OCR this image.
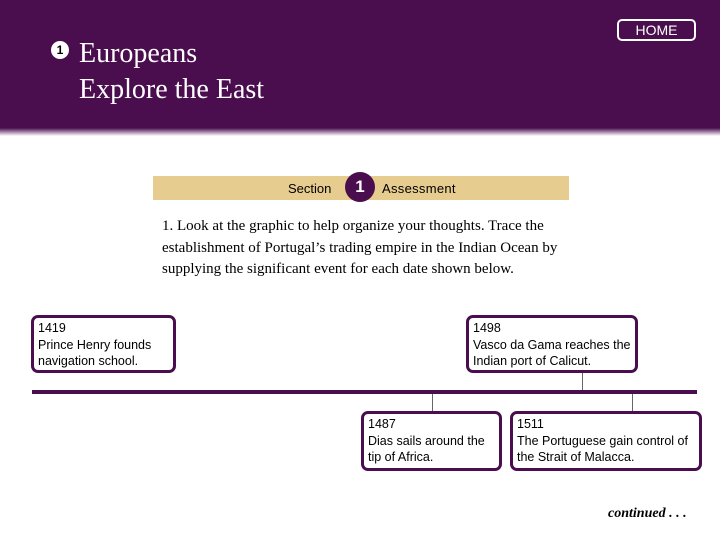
1 Europeans
Explore the East
HOME
Section	1	Assessment
1. Look at the graphic to help organize your thoughts. Trace the establishment of Portugal’s trading empire in the Indian Ocean by supplying the significant event for each date shown below.
1419
Prince Henry founds navigation school.
1498
Vasco da Gama reaches the Indian port of Calicut.
1487
Dias sails around the tip of Africa.
1511
The Portuguese gain control of the Strait of Malacca.
continued . . .
